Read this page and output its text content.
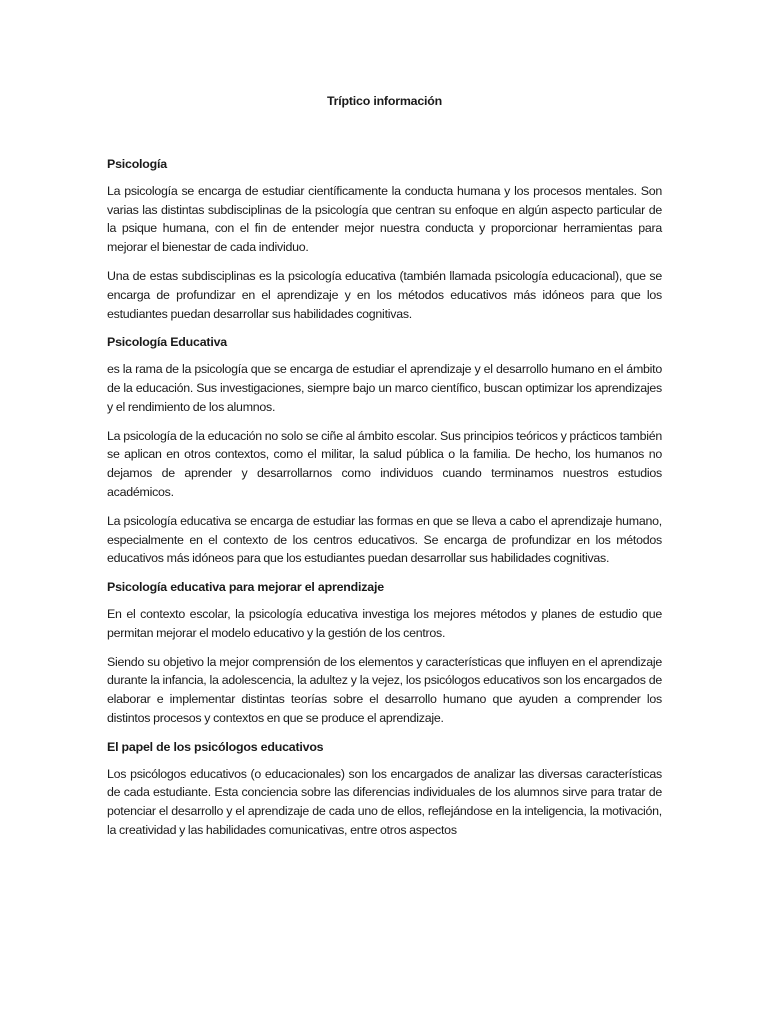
Tríptico información
Psicología
La psicología se encarga de estudiar científicamente la conducta humana y los procesos mentales. Son varias las distintas subdisciplinas de la psicología que centran su enfoque en algún aspecto particular de la psique humana, con el fin de entender mejor nuestra conducta y proporcionar herramientas para mejorar el bienestar de cada individuo.
Una de estas subdisciplinas es la psicología educativa (también llamada psicología educacional), que se encarga de profundizar en el aprendizaje y en los métodos educativos más idóneos para que los estudiantes puedan desarrollar sus habilidades cognitivas.
Psicología Educativa
es la rama de la psicología que se encarga de estudiar el aprendizaje y el desarrollo humano en el ámbito de la educación. Sus investigaciones, siempre bajo un marco científico, buscan optimizar los aprendizajes y el rendimiento de los alumnos.
La psicología de la educación no solo se ciñe al ámbito escolar. Sus principios teóricos y prácticos también se aplican en otros contextos, como el militar, la salud pública o la familia. De hecho, los humanos no dejamos de aprender y desarrollarnos como individuos cuando terminamos nuestros estudios académicos.
La psicología educativa se encarga de estudiar las formas en que se lleva a cabo el aprendizaje humano, especialmente en el contexto de los centros educativos. Se encarga de profundizar en los métodos educativos más idóneos para que los estudiantes puedan desarrollar sus habilidades cognitivas.
Psicología educativa para mejorar el aprendizaje
En el contexto escolar, la psicología educativa investiga los mejores métodos y planes de estudio que permitan mejorar el modelo educativo y la gestión de los centros.
Siendo su objetivo la mejor comprensión de los elementos y características que influyen en el aprendizaje durante la infancia, la adolescencia, la adultez y la vejez, los psicólogos educativos son los encargados de elaborar e implementar distintas teorías sobre el desarrollo humano que ayuden a comprender los distintos procesos y contextos en que se produce el aprendizaje.
El papel de los psicólogos educativos
Los psicólogos educativos (o educacionales) son los encargados de analizar las diversas características de cada estudiante. Esta conciencia sobre las diferencias individuales de los alumnos sirve para tratar de potenciar el desarrollo y el aprendizaje de cada uno de ellos, reflejándose en la inteligencia, la motivación, la creatividad y las habilidades comunicativas, entre otros aspectos
